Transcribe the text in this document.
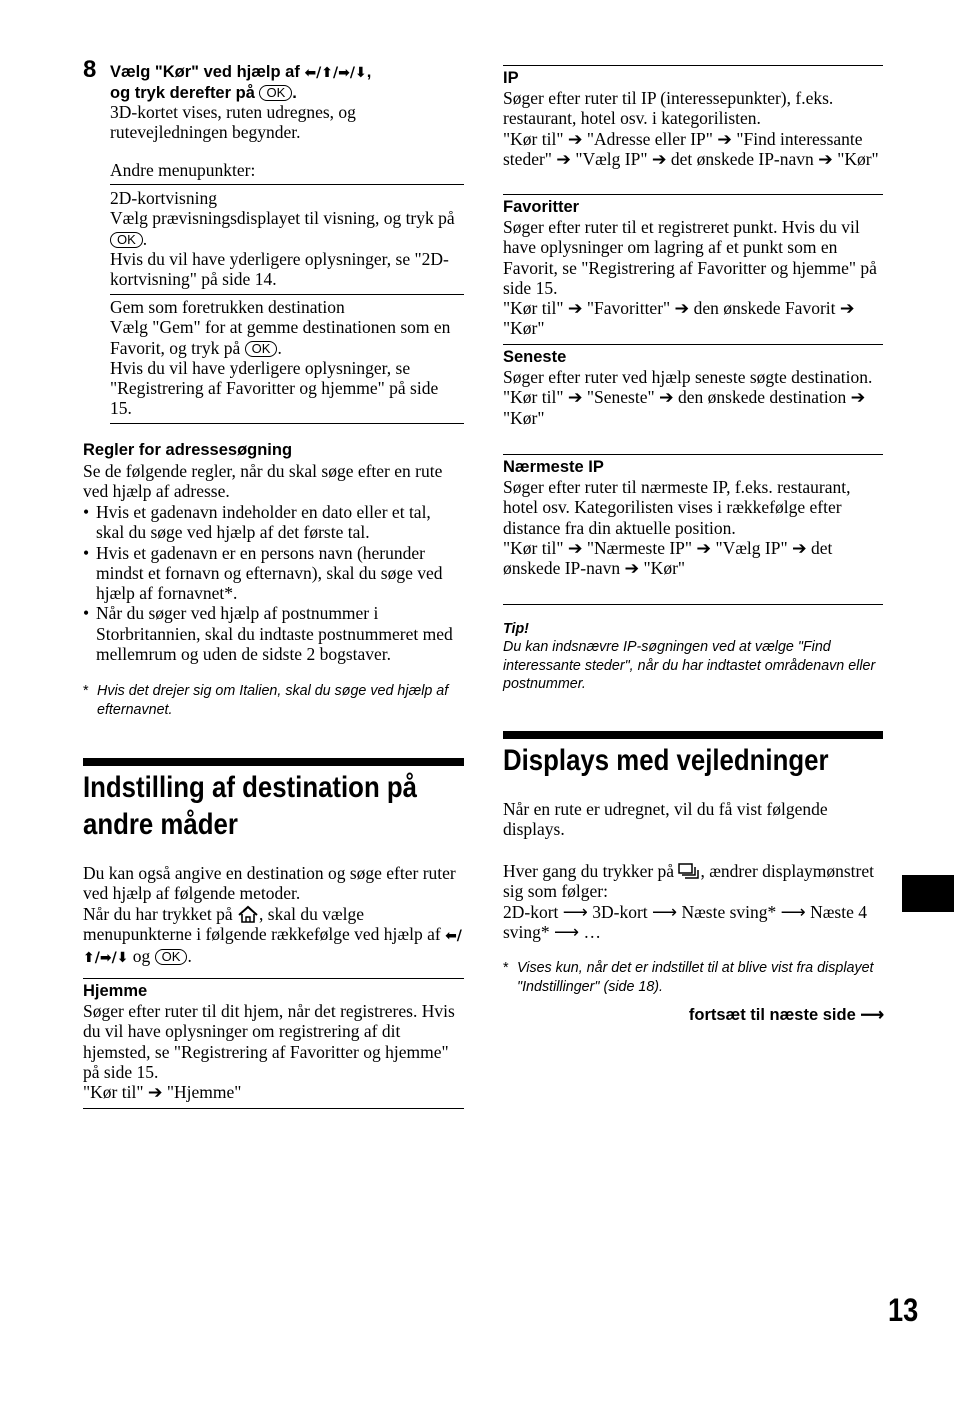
8 Vælg "Kør" ved hjælp af ⬅/⬆/➡/⬇,
og tryk derefter på OK .

3D-kortet vises, ruten udregnes, og rutevejledningen begynder.

Andre menupunkter:

2D-kortvisning

Vælg prævisningsdisplayet til visning, og tryk på OK .

Hvis du vil have yderligere oplysninger, se "2D-kortvisning" på side 14.

Gem som foretrukken destination

Vælg "Gem" for at gemme destinationen som en Favorit, og tryk på OK .

Hvis du vil have yderligere oplysninger, se "Registrering af Favoritter og hjemme" på side 15.

Regler for adressesøgning

Se de følgende regler, når du skal søge efter en rute ved hjælp af adresse.

• Hvis et gadenavn indeholder en dato eller et tal, skal du søge ved hjælp af det første tal.
• Hvis et gadenavn er en persons navn (herunder mindst et fornavn og efternavn), skal du søge ved hjælp af fornavnet*.
• Når du søger ved hjælp af postnummer i Storbritannien, skal du indtaste postnummeret med mellemrum og uden de sidste 2 bogstaver.
* Hvis det drejer sig om Italien, skal du søge ved hjælp af efternavnet.

Indstilling af destination på
andre måder

Du kan også angive en destination og søge efter ruter ved hjælp af følgende metoder.

Når du har trykket på , skal du vælge menupunkterne i følgende rækkefølge ved hjælp af ⬅/⬆/➡/⬇ og OK .

Hjemme

Søger efter ruter til dit hjem, når det registreres. Hvis du vil have oplysninger om registrering af dit hjemsted, se "Registrering af Favoritter og hjemme" på side 15.

"Kør til" ➔ "Hjemme"

IP

Søger efter ruter til IP (interessepunkter), f.eks. restaurant, hotel osv. i kategorilisten.

"Kør til" ➔ "Adresse eller IP" ➔ "Find interessante steder" ➔ "Vælg IP" ➔ det ønskede IP-navn ➔ "Kør"

Favoritter

Søger efter ruter til et registreret punkt. Hvis du vil have oplysninger om lagring af et punkt som en Favorit, se "Registrering af Favoritter og hjemme" på side 15.

"Kør til" ➔ "Favoritter" ➔ den ønskede Favorit ➔ "Kør"

Seneste

Søger efter ruter ved hjælp seneste søgte destination.

"Kør til" ➔ "Seneste" ➔ den ønskede destination ➔ "Kør"

Nærmeste IP

Søger efter ruter til nærmeste IP, f.eks. restaurant, hotel osv. Kategorilisten vises i rækkefølge efter distance fra din aktuelle position.

"Kør til" ➔ "Nærmeste IP" ➔ "Vælg IP" ➔ det ønskede IP-navn ➔ "Kør"

Tip!

Du kan indsnævre IP-søgningen ved at vælge "Find interessante steder", når du har indtastet områdenavn eller postnummer.

Displays med vejledninger

Når en rute er udregnet, vil du få vist følgende displays.

Hver gang du trykker på , ændrer displaymønstret sig som følger:

2D-kort ⟶ 3D-kort ⟶ Næste sving* ⟶ Næste 4 sving* ⟶ …

* Vises kun, når det er indstillet til at blive vist fra displayet "Indstillinger" (side 18).

fortsæt til næste side ⟶

13
